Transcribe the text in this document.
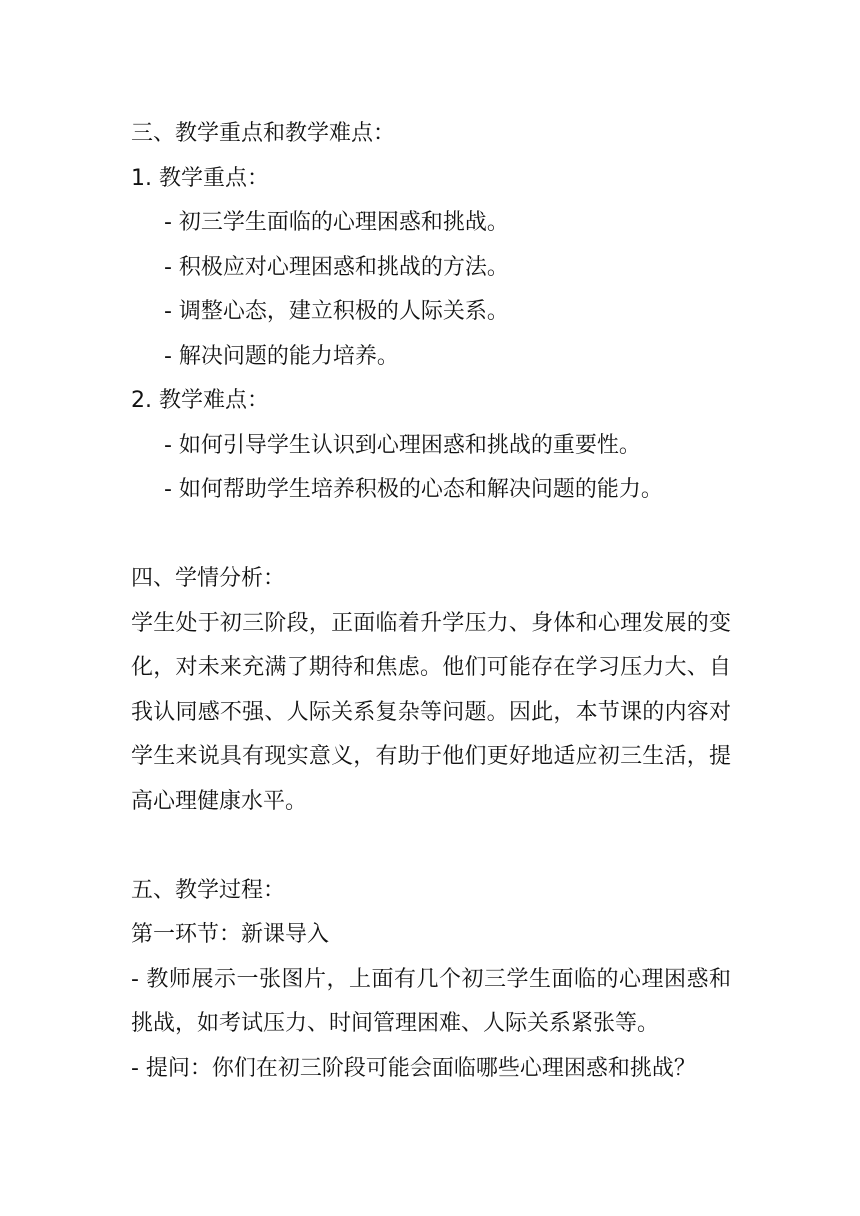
三、教学重点和教学难点：
1. 教学重点：
- 初三学生面临的心理困惑和挑战。
- 积极应对心理困惑和挑战的方法。
- 调整心态，建立积极的人际关系。
- 解决问题的能力培养。
2. 教学难点：
- 如何引导学生认识到心理困惑和挑战的重要性。
- 如何帮助学生培养积极的心态和解决问题的能力。
四、学情分析：
学生处于初三阶段，正面临着升学压力、身体和心理发展的变化，对未来充满了期待和焦虑。他们可能存在学习压力大、自我认同感不强、人际关系复杂等问题。因此，本节课的内容对学生来说具有现实意义，有助于他们更好地适应初三生活，提高心理健康水平。
五、教学过程：
第一环节：新课导入
- 教师展示一张图片，上面有几个初三学生面临的心理困惑和挑战，如考试压力、时间管理困难、人际关系紧张等。
- 提问：你们在初三阶段可能会面临哪些心理困惑和挑战？
